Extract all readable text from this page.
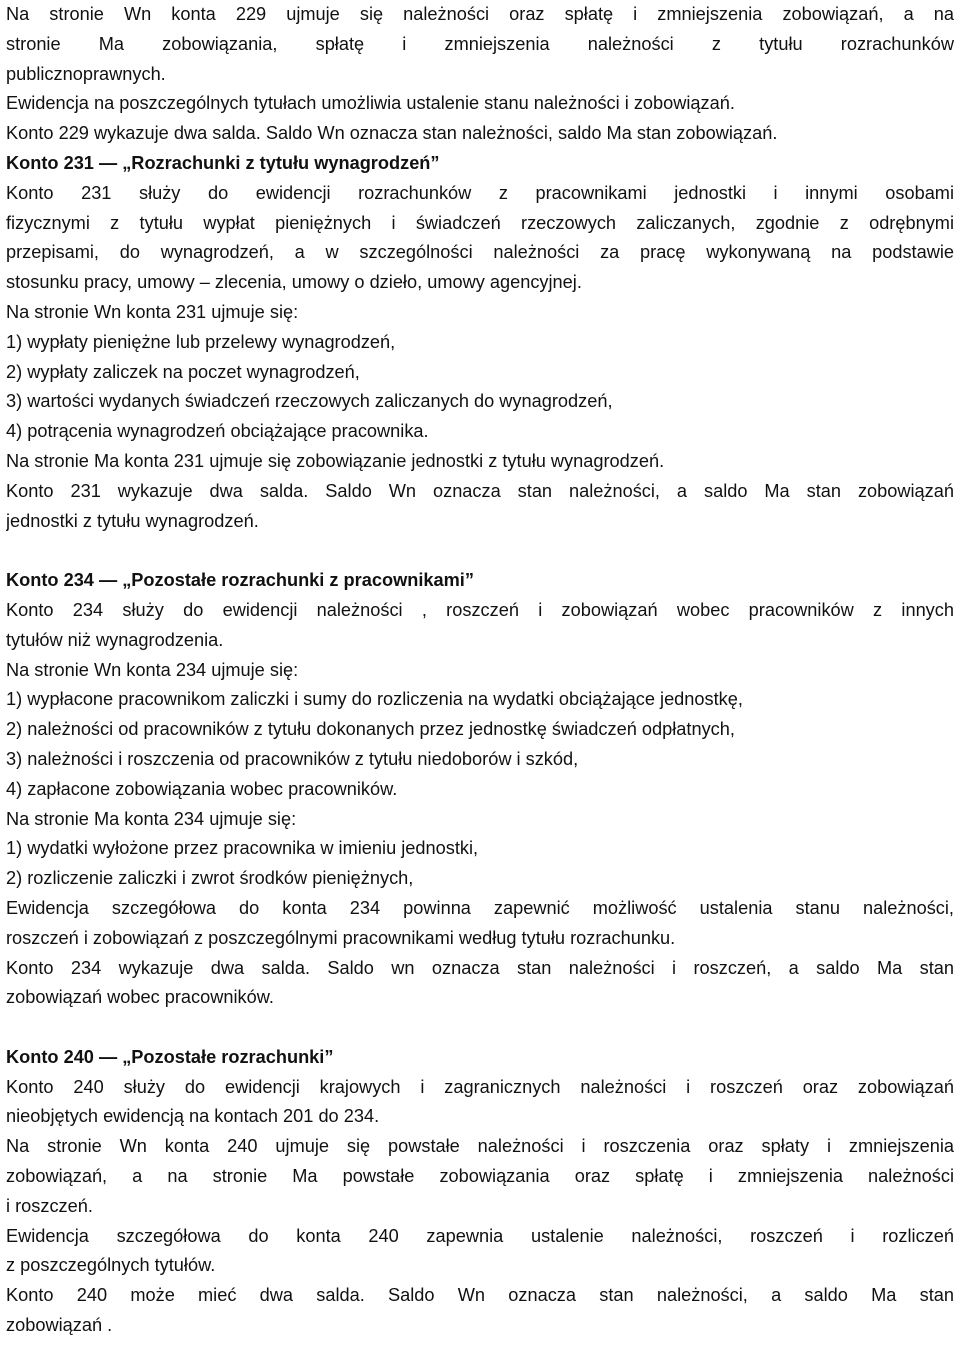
Na stronie Wn konta 229 ujmuje się należności oraz spłatę i zmniejszenia zobowiązań, a na
stronie Ma zobowiązania, spłatę i zmniejszenia należności z tytułu rozrachunków
publicznoprawnych.
Ewidencja na poszczególnych tytułach umożliwia ustalenie stanu należności i zobowiązań.
Konto 229 wykazuje dwa salda. Saldo Wn oznacza stan należności, saldo Ma stan zobowiązań.
Konto 231 — „Rozrachunki z tytułu wynagrodzeń”
Konto 231 służy do ewidencji rozrachunków z pracownikami jednostki i innymi osobami
fizycznymi z tytułu wypłat pieniężnych i świadczeń rzeczowych zaliczanych, zgodnie z odrębnymi
przepisami, do wynagrodzeń, a w szczególności należności za pracę wykonywaną na podstawie
stosunku pracy, umowy – zlecenia, umowy o dzieło, umowy agencyjnej.
Na stronie Wn konta 231 ujmuje się:
1) wypłaty pieniężne lub przelewy wynagrodzeń,
2) wypłaty zaliczek na poczet wynagrodzeń,
3) wartości wydanych świadczeń rzeczowych zaliczanych do wynagrodzeń,
4) potrącenia wynagrodzeń obciążające pracownika.
Na stronie Ma konta 231 ujmuje się zobowiązanie jednostki z tytułu wynagrodzeń.
Konto 231 wykazuje dwa salda. Saldo Wn oznacza stan należności, a saldo Ma stan zobowiązań
jednostki z tytułu wynagrodzeń.
Konto 234 — „Pozostałe rozrachunki z pracownikami”
Konto 234 służy do ewidencji należności , roszczeń i zobowiązań wobec pracowników z innych
tytułów niż wynagrodzenia.
Na stronie Wn konta 234 ujmuje się:
1) wypłacone pracownikom zaliczki i sumy do rozliczenia na wydatki obciążające jednostkę,
2) należności od pracowników z tytułu dokonanych przez jednostkę świadczeń odpłatnych,
3) należności i roszczenia od pracowników z tytułu niedoborów i szkód,
4) zapłacone zobowiązania wobec pracowników.
Na stronie Ma konta 234 ujmuje się:
1) wydatki wyłożone przez pracownika w imieniu jednostki,
2) rozliczenie zaliczki i zwrot środków pieniężnych,
Ewidencja szczegółowa do konta 234 powinna zapewnić możliwość ustalenia stanu należności,
roszczeń i zobowiązań z poszczególnymi pracownikami według tytułu rozrachunku.
Konto 234 wykazuje dwa salda. Saldo wn oznacza stan należności i roszczeń, a saldo Ma stan
zobowiązań wobec pracowników.
Konto 240 — „Pozostałe rozrachunki”
Konto 240 służy do ewidencji krajowych i zagranicznych należności i roszczeń oraz zobowiązań
nieobjętych ewidencją na kontach 201 do 234.
Na stronie Wn konta 240 ujmuje się powstałe należności i roszczenia oraz spłaty i zmniejszenia
zobowiązań, a na stronie Ma powstałe zobowiązania oraz spłatę i zmniejszenia należności
i roszczeń.
Ewidencja szczegółowa do konta 240 zapewnia ustalenie należności, roszczeń i rozliczeń
z poszczególnych tytułów.
Konto 240 może mieć dwa salda. Saldo Wn oznacza stan należności, a saldo Ma stan
zobowiązań .
